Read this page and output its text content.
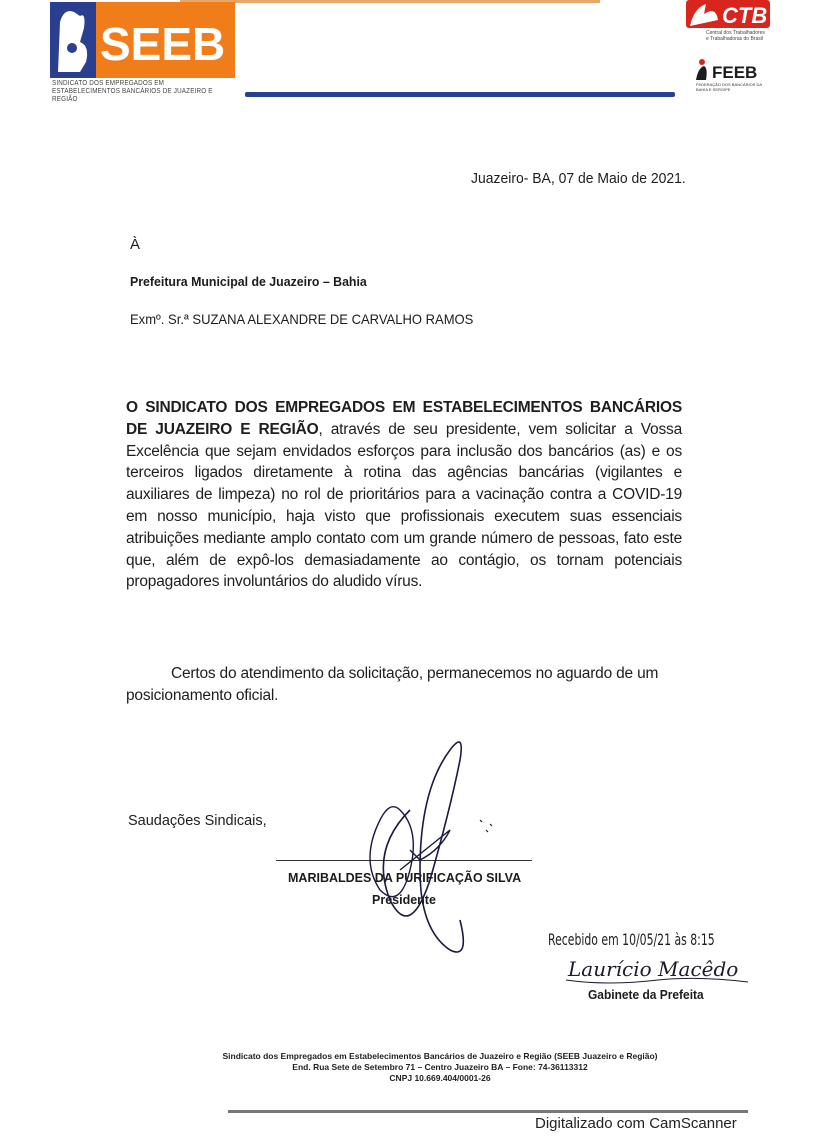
SEEB
SINDICATO DOS EMPREGADOS EM ESTABELECIMENTOS BANCÁRIOS DE JUAZEIRO E REGIÃO
CTB
Central dos Trabalhadores e Trabalhadoras do Brasil
FEEB
FEDERAÇÃO DOS BANCÁRIOS DA BAHIA E SERGIPE
Juazeiro- BA, 07 de Maio de 2021.
À
Prefeitura Municipal de Juazeiro – Bahia
Exmº. Sr.ª SUZANA ALEXANDRE DE CARVALHO RAMOS
O SINDICATO DOS EMPREGADOS EM ESTABELECIMENTOS BANCÁRIOS DE JUAZEIRO E REGIÃO, através de seu presidente, vem solicitar a Vossa Excelência que sejam envidados esforços para inclusão dos bancários (as) e os terceiros ligados diretamente à rotina das agências bancárias (vigilantes e auxiliares de limpeza) no rol de prioritários para a vacinação contra a COVID-19 em nosso município, haja visto que profissionais executem suas essenciais atribuições mediante amplo contato com um grande número de pessoas, fato este que, além de expô-los demasiadamente ao contágio, os tornam potenciais propagadores involuntários do aludido vírus.
Certos do atendimento da solicitação, permanecemos no aguardo de um posicionamento oficial.
Saudações Sindicais,
MARIBALDES DA PURIFICAÇÃO SILVA
Presidente
Laurício Macêdo
Recebido em 10/05/21 às 8:15
Gabinete da Prefeita
Sindicato dos Empregados em Estabelecimentos Bancários de Juazeiro e Região (SEEB Juazeiro e Região)
End. Rua Sete de Setembro 71 – Centro Juazeiro BA – Fone: 74-36113312
CNPJ 10.669.404/0001-26
Digitalizado com CamScanner
